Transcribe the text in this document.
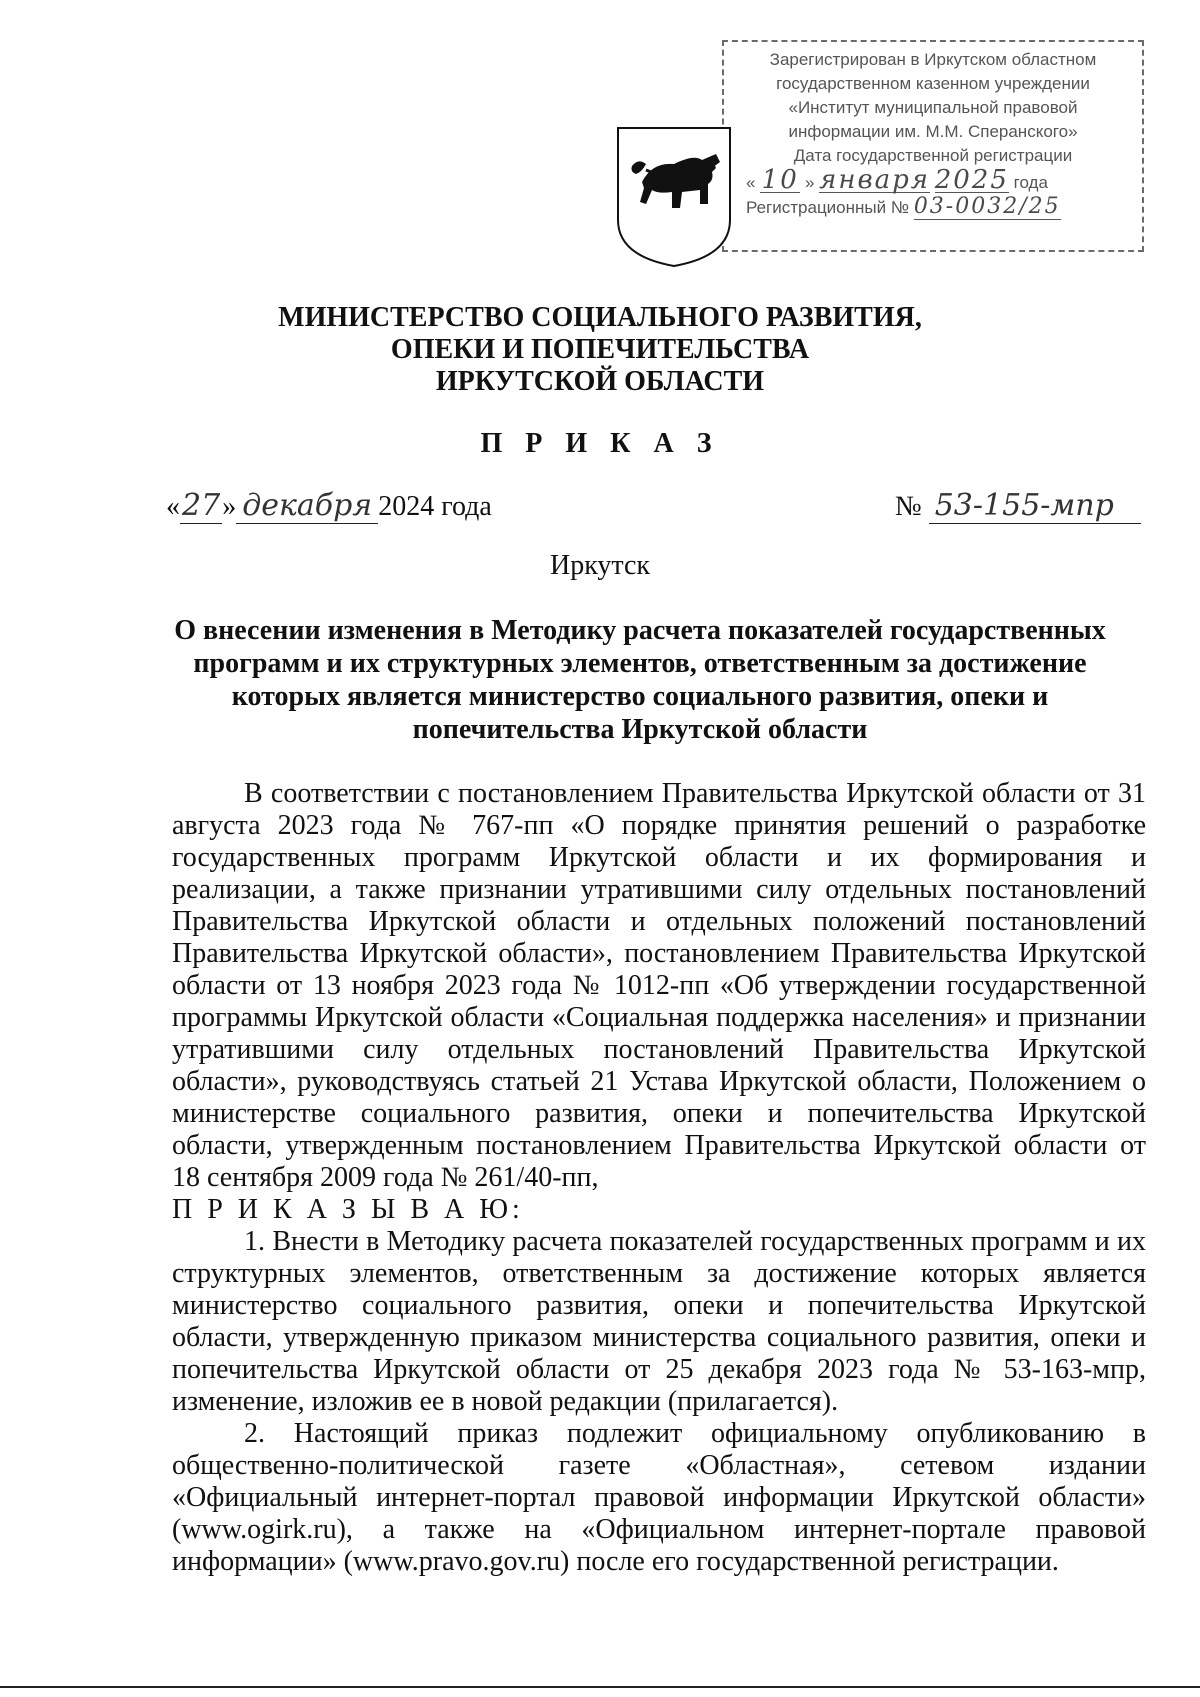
Зарегистрирован в Иркутском областном
государственном казенном учреждении
«Институт муниципальной правовой
информации им. М.М. Сперанского»
Дата государственной регистрации
« 10 » января 2025 года
Регистрационный № 03-0032/25
МИНИСТЕРСТВО СОЦИАЛЬНОГО РАЗВИТИЯ,
ОПЕКИ И ПОПЕЧИТЕЛЬСТВА
ИРКУТСКОЙ ОБЛАСТИ
П Р И К А З
«27» декабря 2024 года	№ 53-155-мпр
Иркутск
О внесении изменения в Методику расчета показателей государственных
программ и их структурных элементов, ответственным за достижение
которых является министерство социального развития, опеки и
попечительства Иркутской области

В соответствии с постановлением Правительства Иркутской области от 31 августа 2023 года № 767-пп «О порядке принятия решений о разработке государственных программ Иркутской области и их формирования и реализации, а также признании утратившими силу отдельных постановлений Правительства Иркутской области и отдельных положений постановлений Правительства Иркутской области», постановлением Правительства Иркутской области от 13 ноября 2023 года № 1012-пп «Об утверждении государственной программы Иркутской области «Социальная поддержка населения» и признании утратившими силу отдельных постановлений Правительства Иркутской области», руководствуясь статьей 21 Устава Иркутской области, Положением о министерстве социального развития, опеки и попечительства Иркутской области, утвержденным постановлением Правительства Иркутской области от 18 сентября 2009 года № 261/40-пп,

П Р И К А З Ы В А Ю:

1. Внести в Методику расчета показателей государственных программ и их структурных элементов, ответственным за достижение которых является министерство социального развития, опеки и попечительства Иркутской области, утвержденную приказом министерства социального развития, опеки и попечительства Иркутской области от 25 декабря 2023 года № 53-163-мпр, изменение, изложив ее в новой редакции (прилагается).

2. Настоящий приказ подлежит официальному опубликованию в общественно-политической газете «Областная», сетевом издании «Официальный интернет-портал правовой информации Иркутской области» (www.ogirk.ru), а также на «Официальном интернет-портале правовой информации» (www.pravo.gov.ru) после его государственной регистрации.
